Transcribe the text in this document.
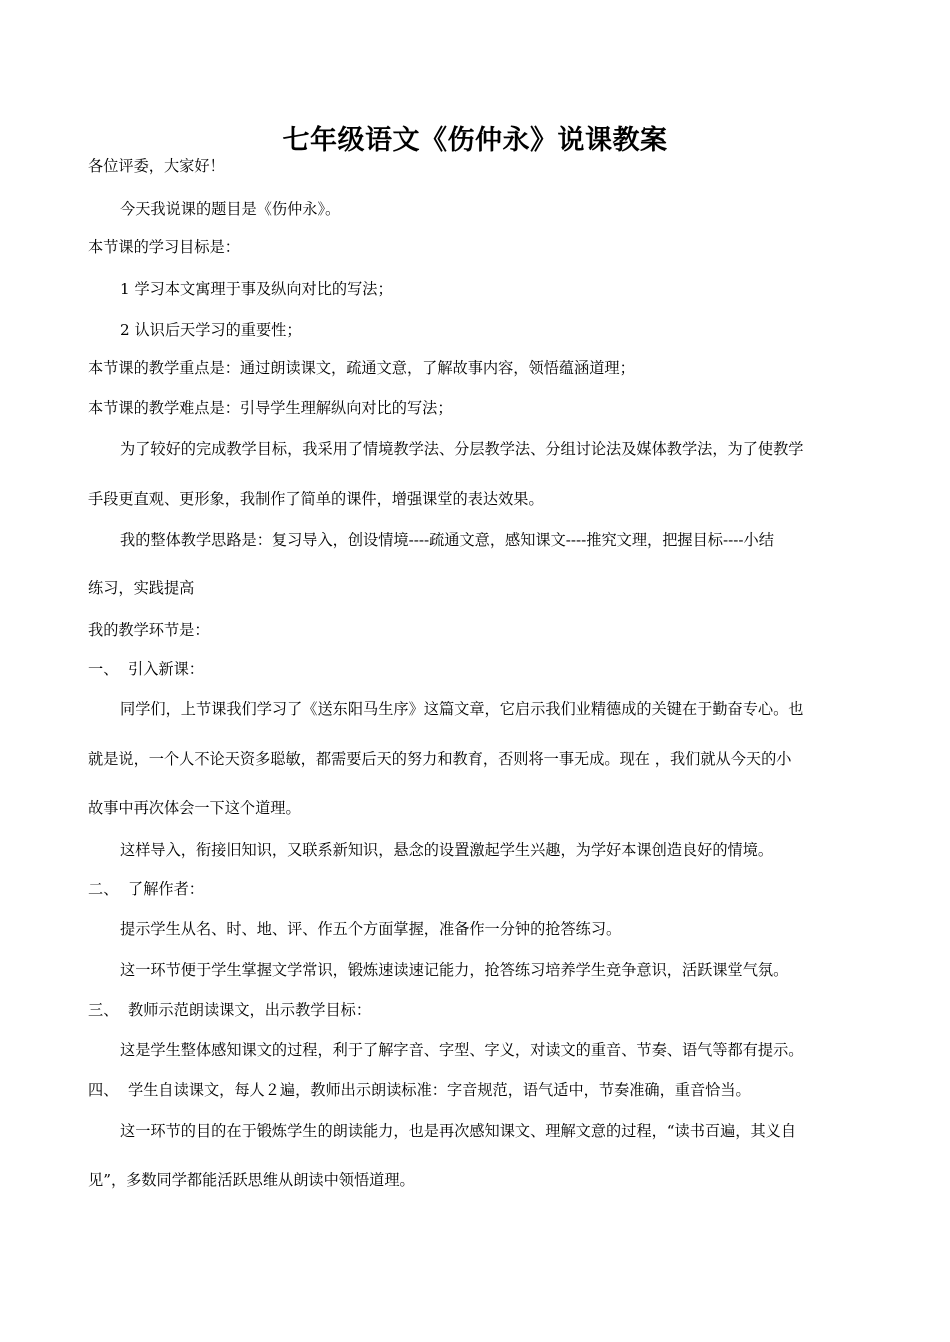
七年级语文《伤仲永》说课教案
各位评委，大家好！
今天我说课的题目是《伤仲永》。
本节课的学习目标是：
1 学习本文寓理于事及纵向对比的写法；
2 认识后天学习的重要性；
本节课的教学重点是：通过朗读课文，疏通文意，了解故事内容，领悟蕴涵道理；
本节课的教学难点是：引导学生理解纵向对比的写法；
为了较好的完成教学目标，我采用了情境教学法、分层教学法、分组讨论法及媒体教学法，为了使教学
手段更直观、更形象，我制作了简单的课件，增强课堂的表达效果。
我的整体教学思路是：复习导入，创设情境----疏通文意，感知课文----推究文理，把握目标----小结
练习，实践提高
我的教学环节是：
一、 引入新课：
同学们，上节课我们学习了《送东阳马生序》这篇文章，它启示我们业精德成的关键在于勤奋专心。也
就是说，一个人不论天资多聪敏，都需要后天的努力和教育，否则将一事无成。现在 ，我们就从今天的小
故事中再次体会一下这个道理。
这样导入，衔接旧知识，又联系新知识，悬念的设置激起学生兴趣，为学好本课创造良好的情境。
二、 了解作者：
提示学生从名、时、地、评、作五个方面掌握，准备作一分钟的抢答练习。
这一环节便于学生掌握文学常识，锻炼速读速记能力，抢答练习培养学生竞争意识，活跃课堂气氛。
三、 教师示范朗读课文，出示教学目标：
这是学生整体感知课文的过程，利于了解字音、字型、字义，对读文的重音、节奏、语气等都有提示。
四、 学生自读课文，每人２遍，教师出示朗读标准：字音规范，语气适中，节奏准确，重音恰当。
这一环节的目的在于锻炼学生的朗读能力，也是再次感知课文、理解文意的过程，“读书百遍，其义自
见”，多数同学都能活跃思维从朗读中领悟道理。
